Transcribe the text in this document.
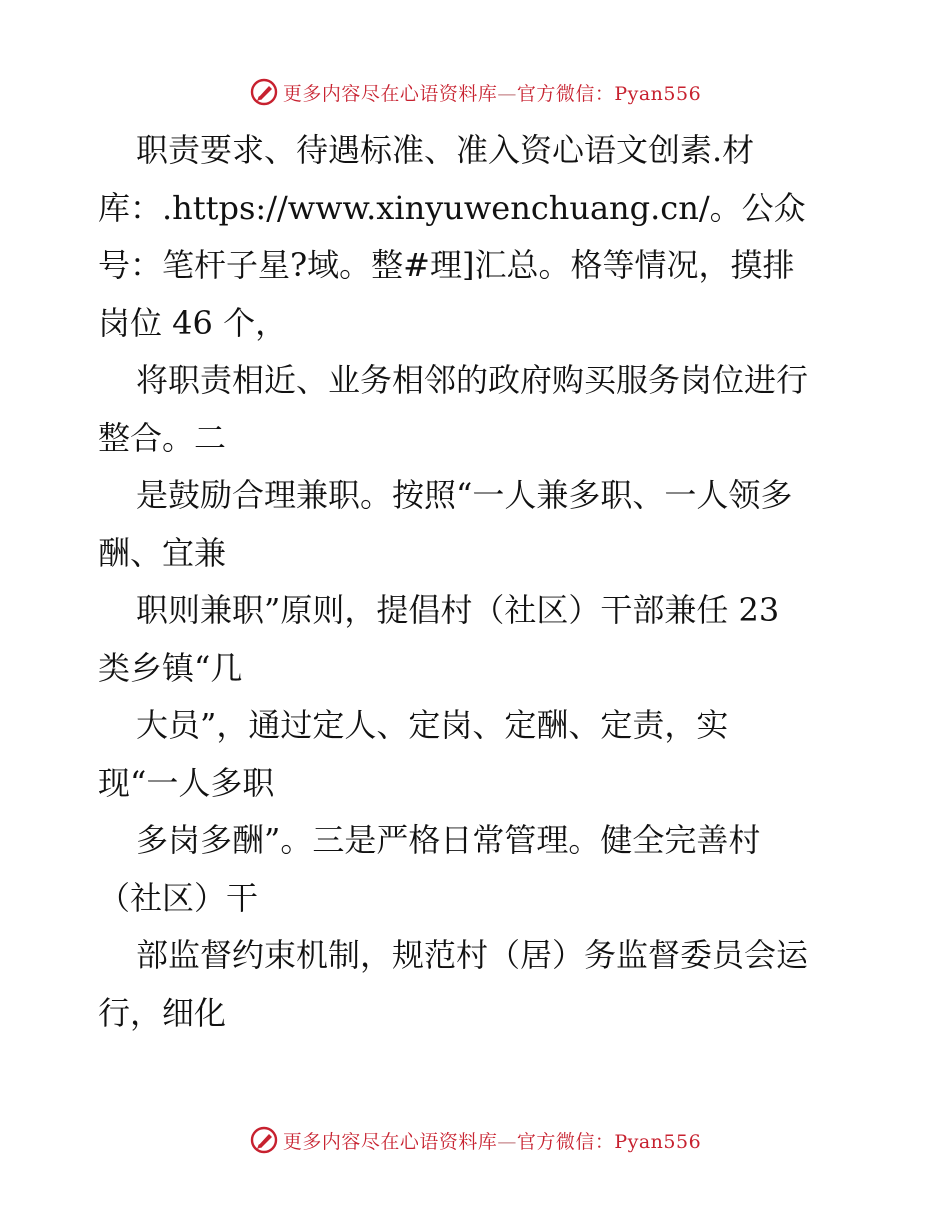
更多内容尽在心语资料库—官方微信：Pyan556
职责要求、待遇标准、准入资心语文创素.材
库：.https://www.xinyuwenchuang.cn/。公众
号：笔杆子星?域。整#理]汇总。格等情况，摸排
岗位 46 个，
将职责相近、业务相邻的政府购买服务岗位进行
整合。二
是鼓励合理兼职。按照“一人兼多职、一人领多
酬、宜兼
职则兼职”原则，提倡村（社区）干部兼任 23
类乡镇“几
大员”，通过定人、定岗、定酬、定责，实
现“一人多职
多岗多酬”。三是严格日常管理。健全完善村
（社区）干
部监督约束机制，规范村（居）务监督委员会运
行，细化
更多内容尽在心语资料库—官方微信：Pyan556
